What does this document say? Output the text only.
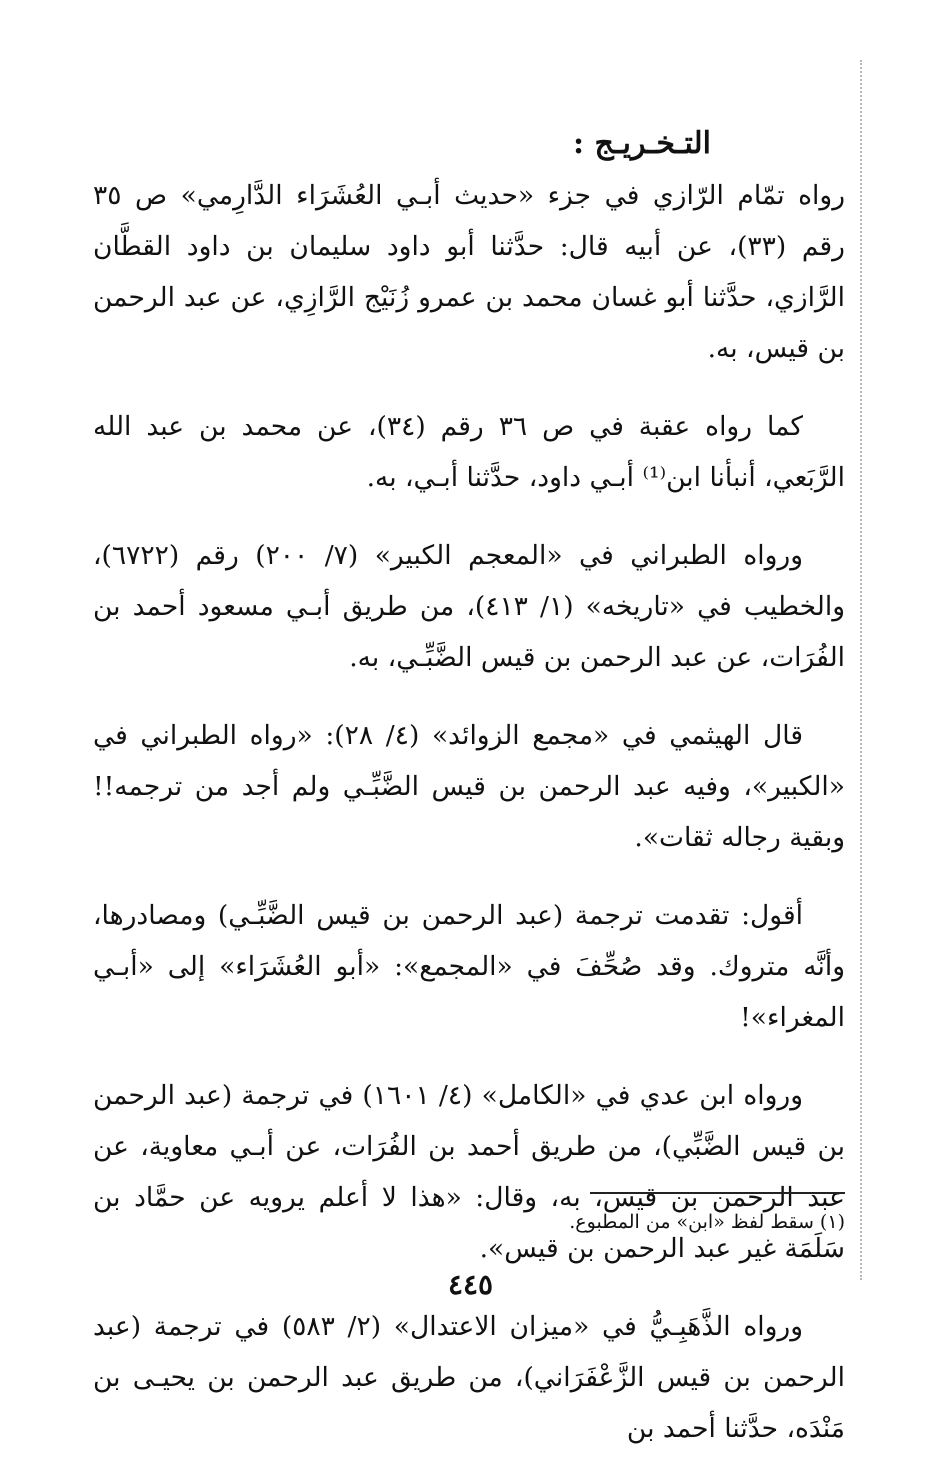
التـخـريـج :

رواه تمّام الرّازي في جزء «حديث أبـي العُشَرَاء الدَّارِمي» ص ٣٥ رقم (٣٣)، عن أبيه قال: حدَّثنا أبو داود سليمان بن داود القطَّان الرَّازي، حدَّثنا أبو غسان محمد بن عمرو زُنَيْج الرَّازِي، عن عبد الرحمن بن قيس، به.

كما رواه عقبة في ص ٣٦ رقم (٣٤)، عن محمد بن عبد الله الرَّبَعي، أنبأنا ابن⁽¹⁾ أبـي داود، حدَّثنا أبـي، به.

ورواه الطبراني في «المعجم الكبير» (٧/ ٢٠٠) رقم (٦٧٢٢)، والخطيب في «تاريخه» (١/ ٤١٣)، من طريق أبـي مسعود أحمد بن الفُرَات، عن عبد الرحمن بن قيس الضَّبِّـي، به.

قال الهيثمي في «مجمع الزوائد» (٤/ ٢٨): «رواه الطبراني في «الكبير»، وفيه عبد الرحمن بن قيس الضَّبِّـي ولم أجد من ترجمه!! وبقية رجاله ثقات».

أقول: تقدمت ترجمة (عبد الرحمن بن قيس الضَّبِّـي) ومصادرها، وأنَّه متروك. وقد صُحِّفَ في «المجمع»: «أبو العُشَرَاء» إلى «أبـي المغراء»!

ورواه ابن عدي في «الكامل» (٤/ ١٦٠١) في ترجمة (عبد الرحمن بن قيس الضَّبِّي)، من طريق أحمد بن الفُرَات، عن أبـي معاوية، عن عبد الرحمن بن قيس، به، وقال: «هذا لا أعلم يرويه عن حمَّاد بن سَلَمَة غير عبد الرحمن بن قيس».

ورواه الذَّهَبِـيُّ في «ميزان الاعتدال» (٢/ ٥٨٣) في ترجمة (عبد الرحمن بن قيس الزَّعْفَرَاني)، من طريق عبد الرحمن بن يحيـى بن مَنْدَه، حدَّثنا أحمد بن

(١) سقط لفظ «ابن» من المطبوع.
٤٤٥
